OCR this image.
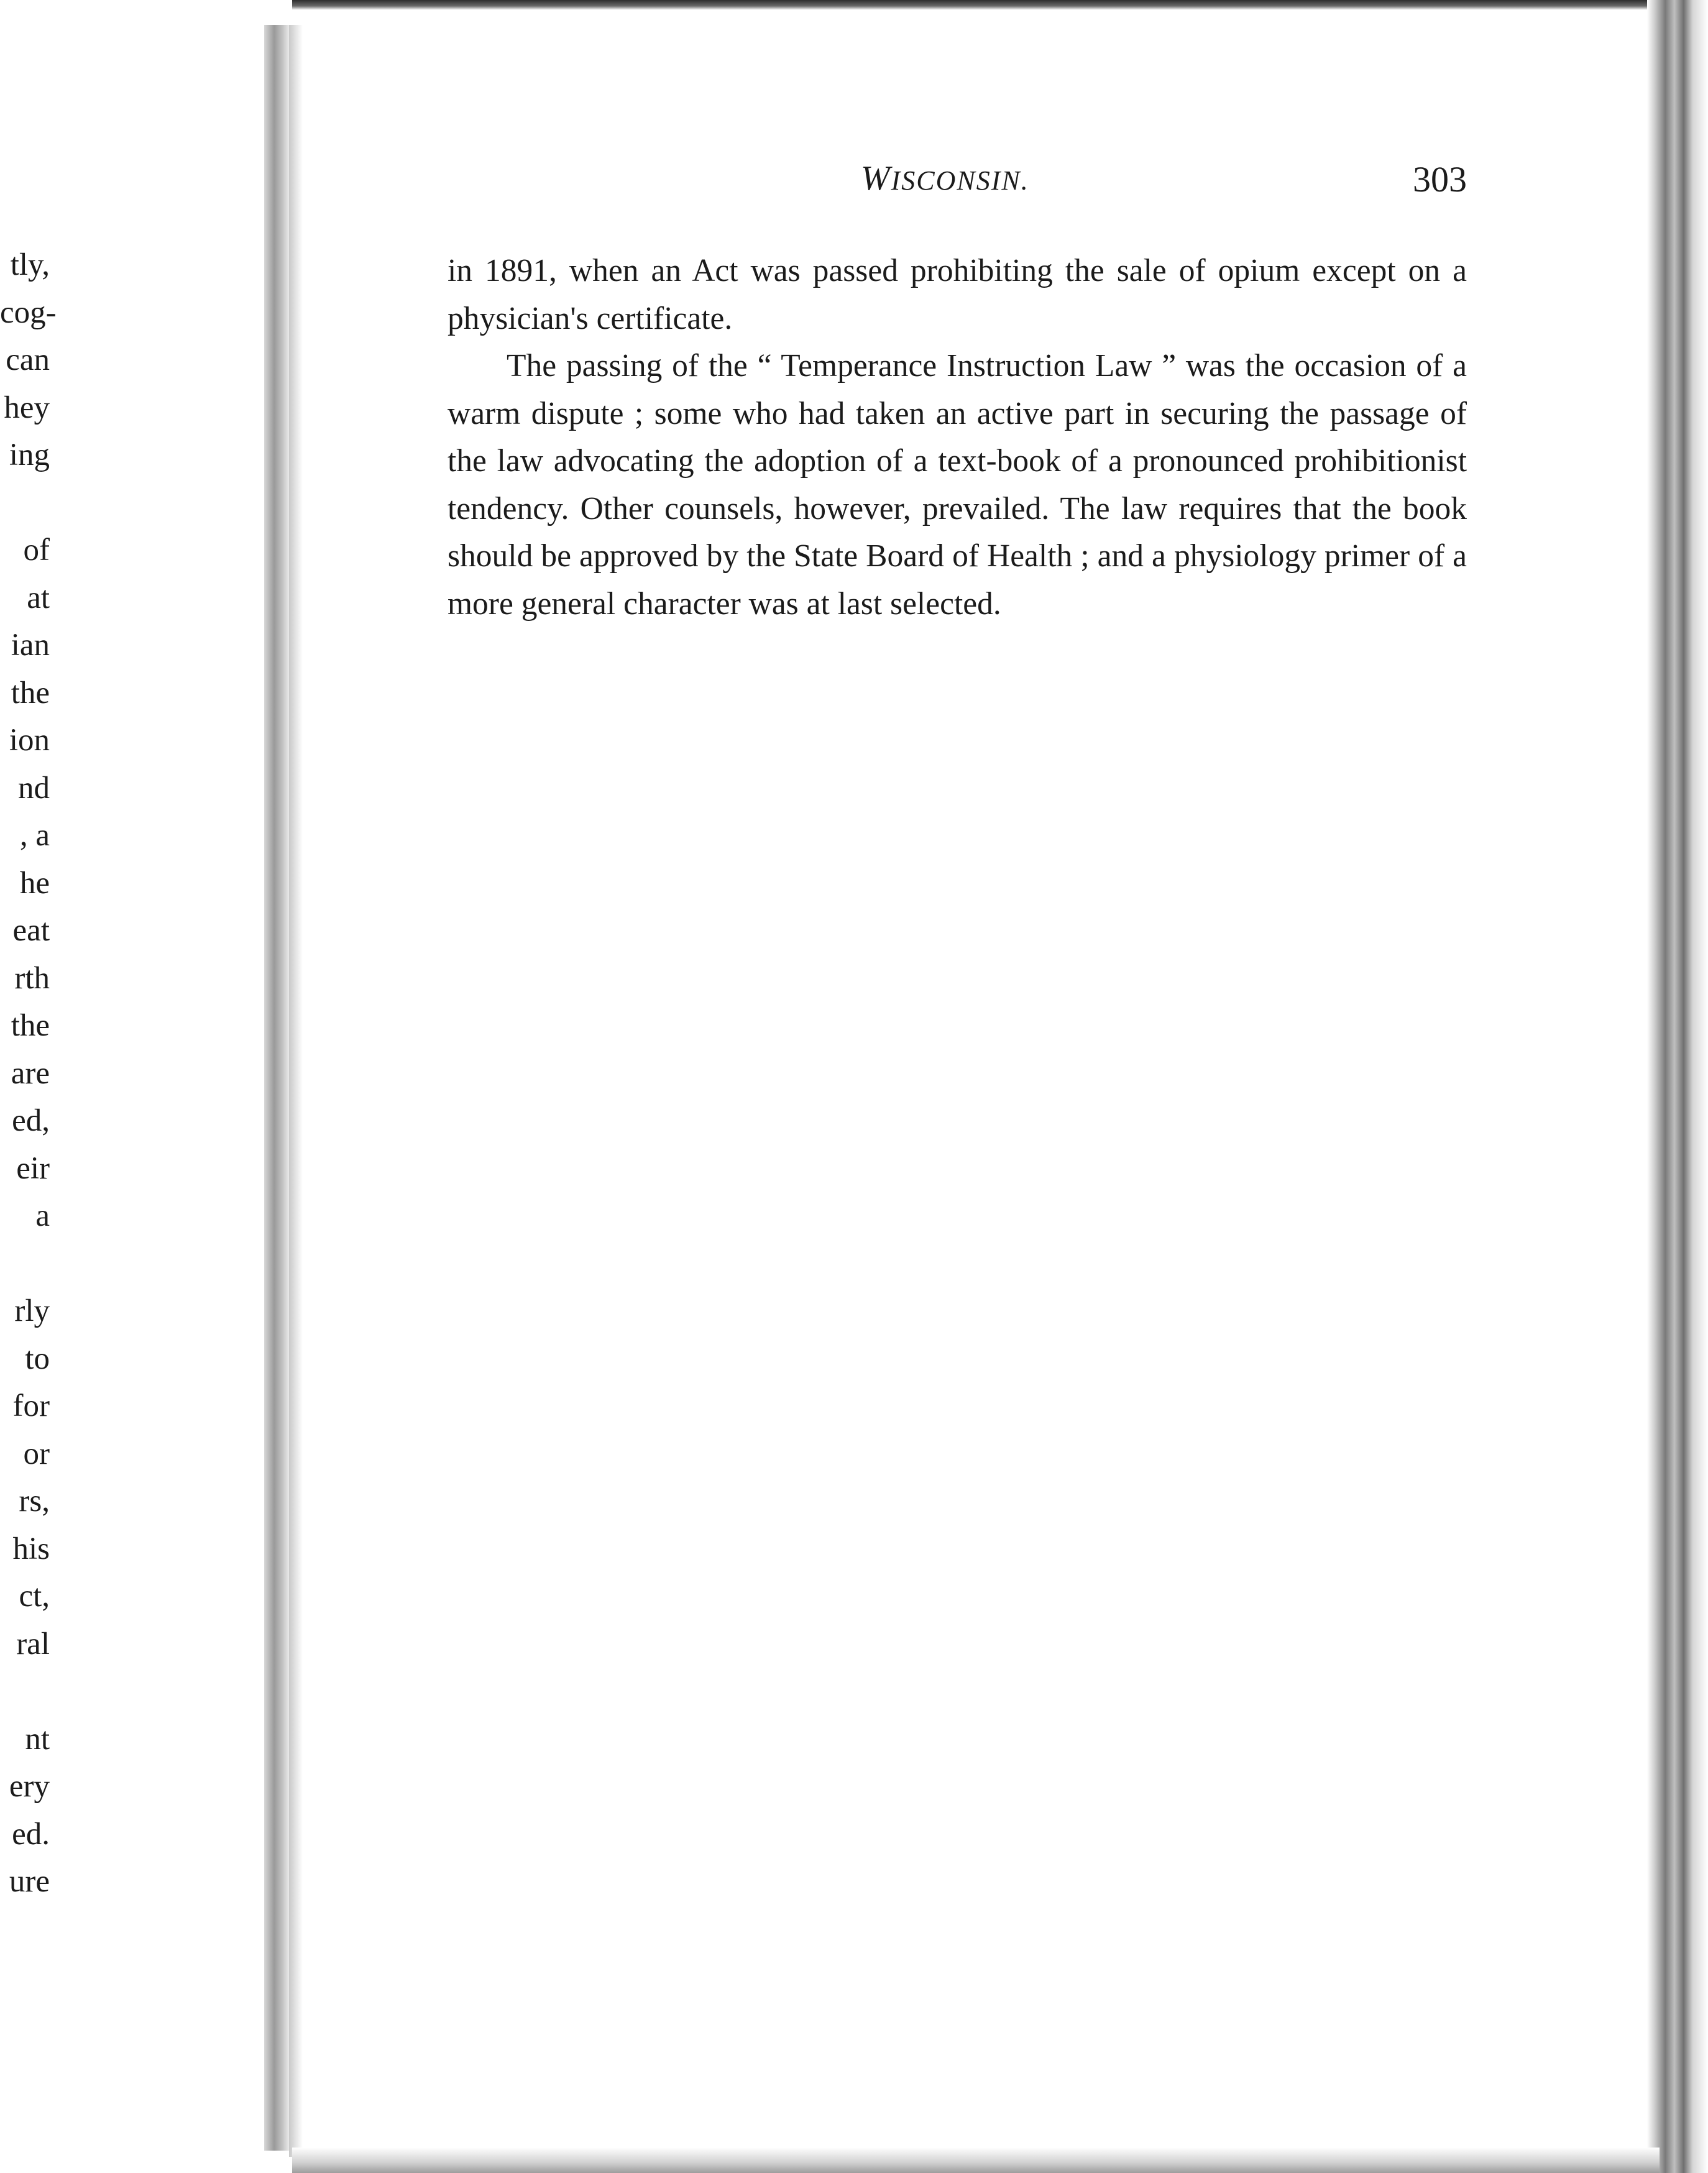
tly,
cog-
can
hey
ing
of
at
ian
the
ion
nd
, a
he
eat
rth
the
are
ed,
eir
a
rly
to
for
or
rs,
his
ct,
ral
nt
ery
ed.
ure
WISCONSIN.	303

in 1891, when an Act was passed prohibiting the sale of opium except on a physician's certificate.

The passing of the “ Temperance Instruction Law ” was the occasion of a warm dispute ; some who had taken an active part in securing the passage of the law advocating the adoption of a text-book of a pronounced prohibitionist tendency. Other counsels, however, prevailed. The law requires that the book should be approved by the State Board of Health ; and a physiology primer of a more general character was at last selected.
